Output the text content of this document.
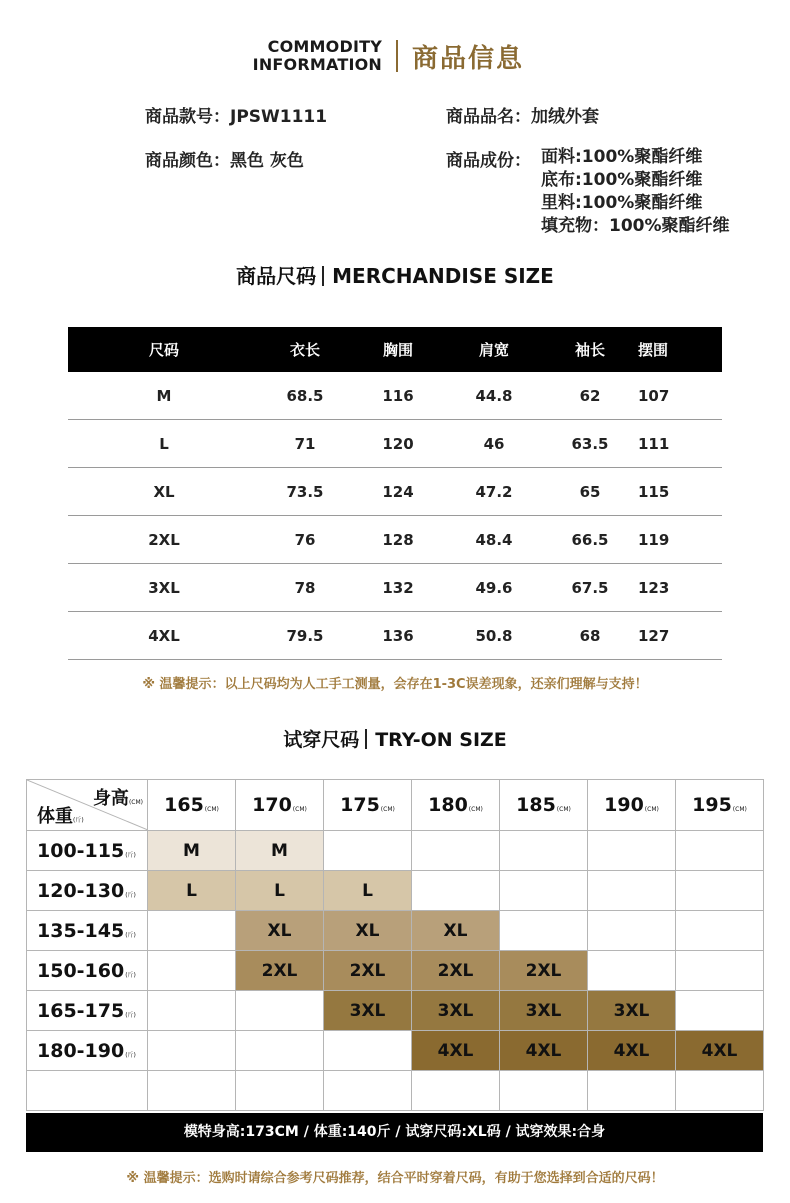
COMMODITY
INFORMATION 商品信息
商品款号：JPSW1111	商品品名：加绒外套
商品颜色：黑色 灰色	商品成份： 面料:100%聚酯纤维
底布:100%聚酯纤维
里料:100%聚酯纤维
填充物：100%聚酯纤维
商品尺码 MERCHANDISE SIZE
尺码	衣长	胸围	肩宽	袖长	摆围
M	68.5	116	44.8	62	107
L	71	120	46	63.5	111
XL	73.5	124	47.2	65	115
2XL	76	128	48.4	66.5	119
3XL	78	132	49.6	67.5	123
4XL	79.5	136	50.8	68	127
※ 温馨提示：以上尺码均为人工手工测量，会存在1-3C误差现象，还亲们理解与支持！
试穿尺码 TRY-ON SIZE
身高(CM)
体重(斤)	165(CM)	170(CM)	175(CM)	180(CM)	185(CM)	190(CM)	195(CM)
100-115(斤)	M	M					
120-130(斤)	L	L	L				
135-145(斤)		XL	XL	XL			
150-160(斤)		2XL	2XL	2XL	2XL		
165-175(斤)			3XL	3XL	3XL	3XL	
180-190(斤)				4XL	4XL	4XL	4XL

模特身高:173CM / 体重:140斤 / 试穿尺码:XL码 / 试穿效果:合身
※ 温馨提示：选购时请综合参考尺码推荐，结合平时穿着尺码，有助于您选择到合适的尺码！
